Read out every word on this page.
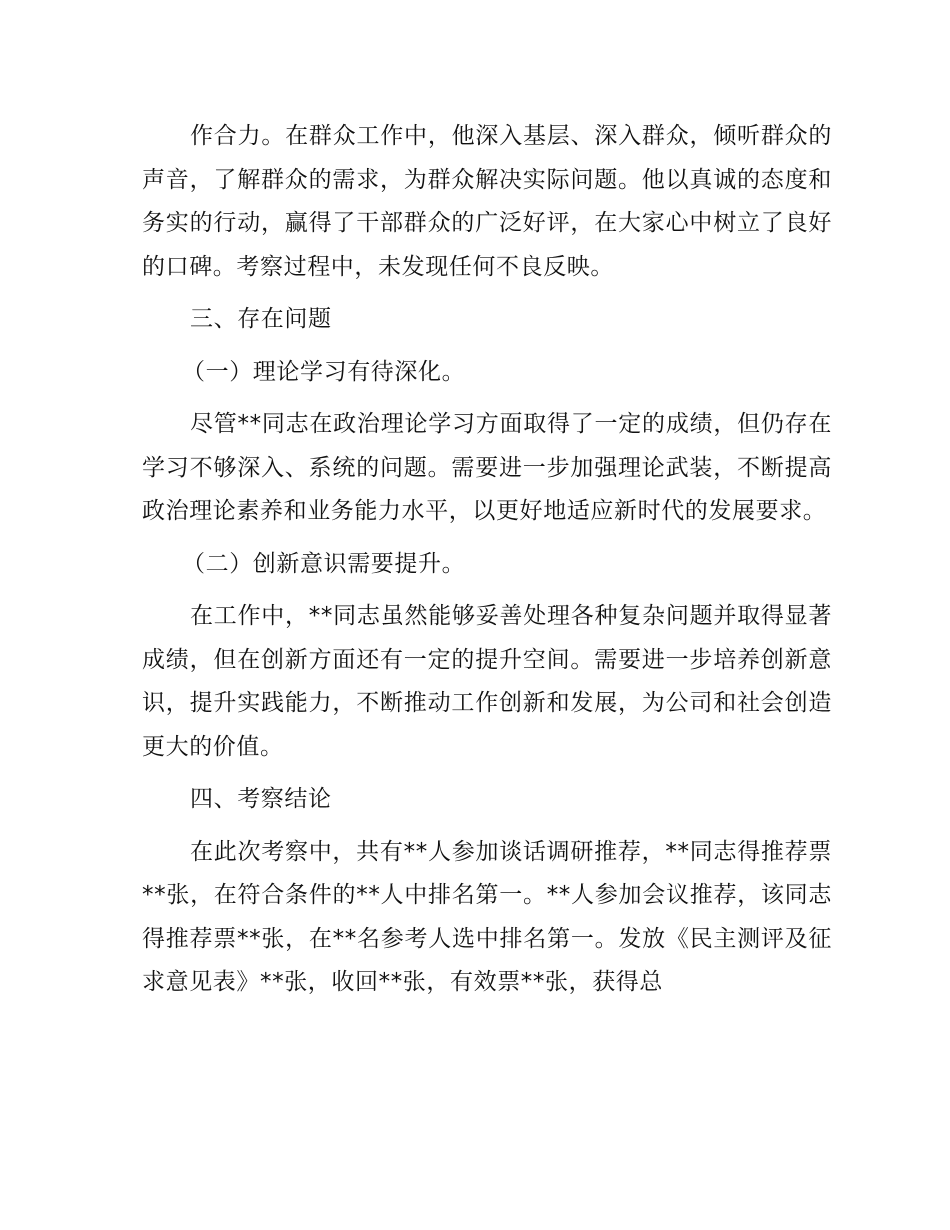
作合力。在群众工作中，他深入基层、深入群众，倾听群众的声音，了解群众的需求，为群众解决实际问题。他以真诚的态度和务实的行动，赢得了干部群众的广泛好评，在大家心中树立了良好的口碑。考察过程中，未发现任何不良反映。

三、存在问题

（一）理论学习有待深化。

尽管**同志在政治理论学习方面取得了一定的成绩，但仍存在学习不够深入、系统的问题。需要进一步加强理论武装，不断提高政治理论素养和业务能力水平，以更好地适应新时代的发展要求。

（二）创新意识需要提升。

在工作中，**同志虽然能够妥善处理各种复杂问题并取得显著成绩，但在创新方面还有一定的提升空间。需要进一步培养创新意识，提升实践能力，不断推动工作创新和发展，为公司和社会创造更大的价值。

四、考察结论

在此次考察中，共有**人参加谈话调研推荐，**同志得推荐票**张，在符合条件的**人中排名第一。**人参加会议推荐，该同志得推荐票**张，在**名参考人选中排名第一。发放《民主测评及征求意见表》**张，收回**张，有效票**张，获得总
